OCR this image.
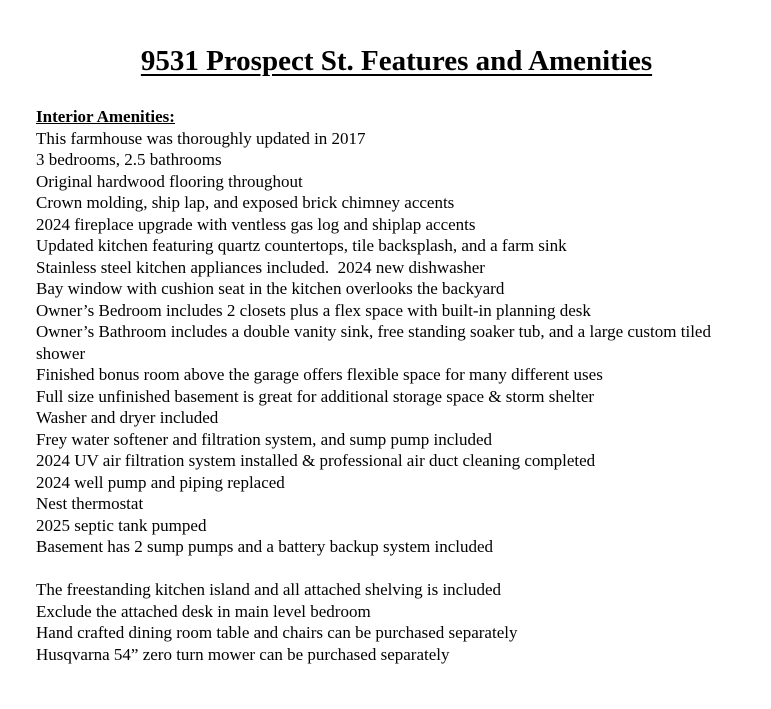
9531 Prospect St. Features and Amenities
Interior Amenities:
This farmhouse was thoroughly updated in 2017
3 bedrooms, 2.5 bathrooms
Original hardwood flooring throughout
Crown molding, ship lap, and exposed brick chimney accents
2024 fireplace upgrade with ventless gas log and shiplap accents
Updated kitchen featuring quartz countertops, tile backsplash, and a farm sink
Stainless steel kitchen appliances included.  2024 new dishwasher
Bay window with cushion seat in the kitchen overlooks the backyard
Owner’s Bedroom includes 2 closets plus a flex space with built-in planning desk
Owner’s Bathroom includes a double vanity sink, free standing soaker tub, and a large custom tiled shower
Finished bonus room above the garage offers flexible space for many different uses
Full size unfinished basement is great for additional storage space & storm shelter
Washer and dryer included
Frey water softener and filtration system, and sump pump included
2024 UV air filtration system installed & professional air duct cleaning completed
2024 well pump and piping replaced
Nest thermostat
2025 septic tank pumped
Basement has 2 sump pumps and a battery backup system included
The freestanding kitchen island and all attached shelving is included
Exclude the attached desk in main level bedroom
Hand crafted dining room table and chairs can be purchased separately
Husqvarna 54” zero turn mower can be purchased separately
